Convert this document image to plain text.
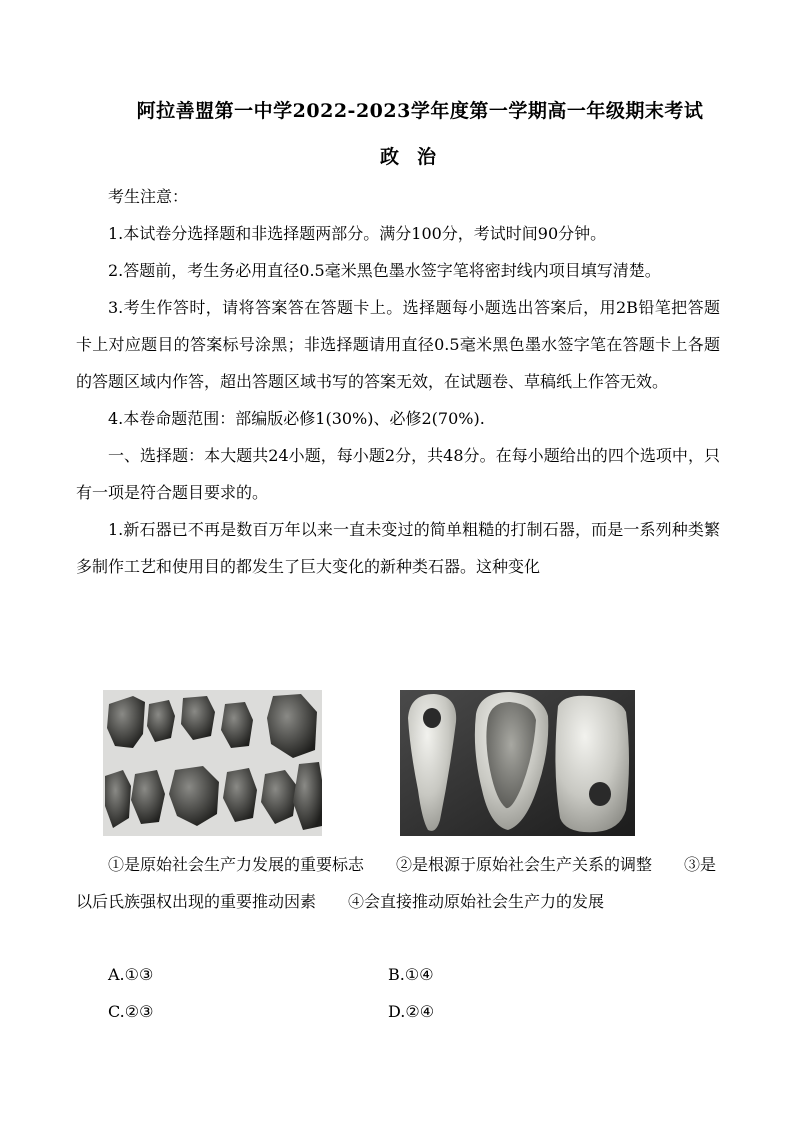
阿拉善盟第一中学2022-2023学年度第一学期高一年级期末考试
政治

考生注意：

1.本试卷分选择题和非选择题两部分。满分100分，考试时间90分钟。

2.答题前，考生务必用直径0.5毫米黑色墨水签字笔将密封线内项目填写清楚。

3.考生作答时，请将答案答在答题卡上。选择题每小题选出答案后，用2B铅笔把答题卡上对应题目的答案标号涂黑；非选择题请用直径0.5毫米黑色墨水签字笔在答题卡上各题的答题区域内作答，超出答题区域书写的答案无效，在试题卷、草稿纸上作答无效。

4.本卷命题范围：部编版必修1(30%)、必修2(70%).

一、选择题：本大题共24小题，每小题2分，共48分。在每小题给出的四个选项中，只有一项是符合题目要求的。

1.新石器已不再是数百万年以来一直未变过的简单粗糙的打制石器，而是一系列种类繁多制作工艺和使用目的都发生了巨大变化的新种类石器。这种变化

①是原始社会生产力发展的重要标志　　②是根源于原始社会生产关系的调整　　③是以后氏族强权出现的重要推动因素　　④会直接推动原始社会生产力的发展

A.①③	B.①④
C.②③	D.②④
